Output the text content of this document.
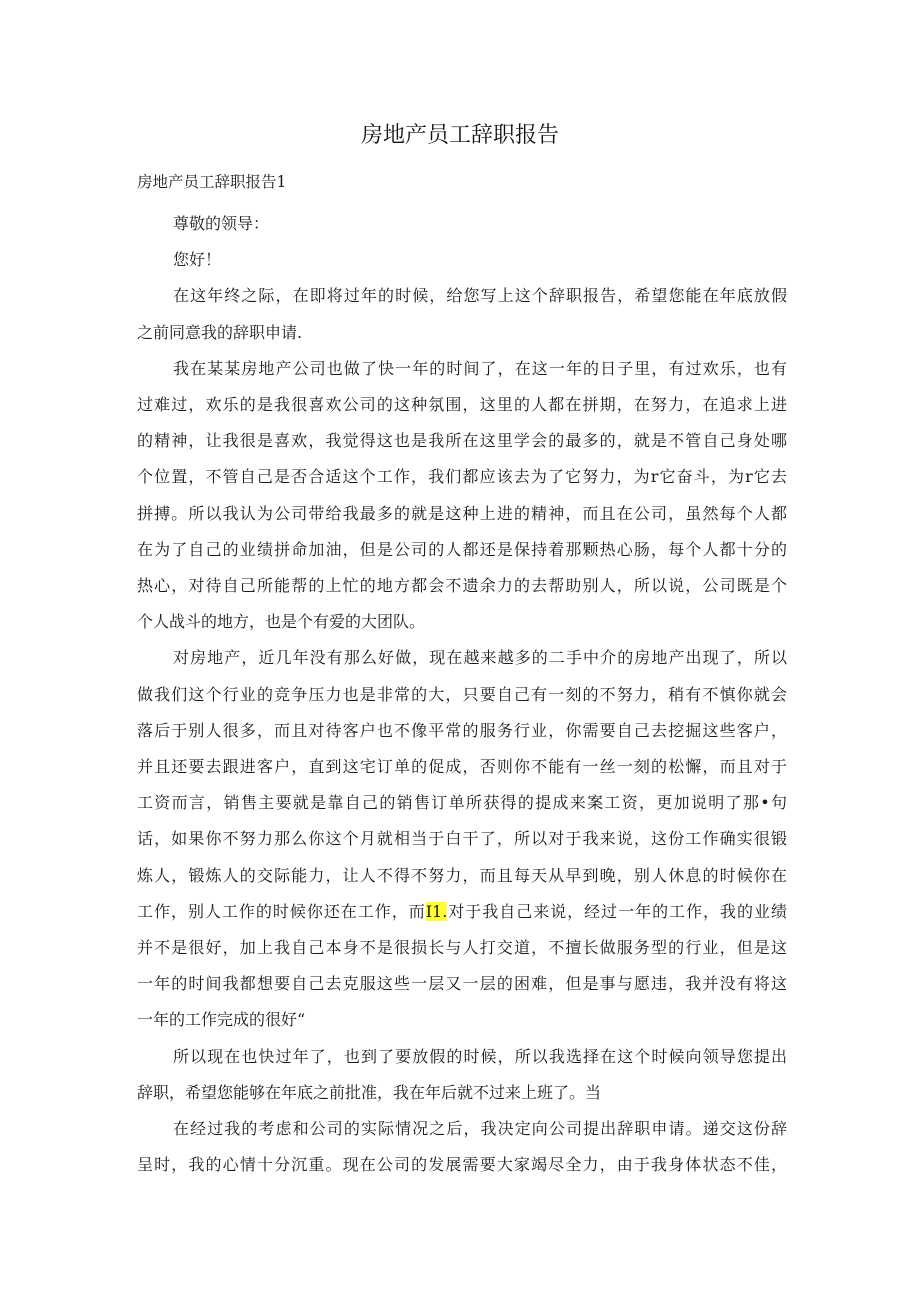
房地产员工辞职报告
房地产员工辞职报告1
尊敬的领导：
您好！
在这年终之际，在即将过年的时候，给您写上这个辞职报告，希望您能在年底放假
之前同意我的辞职申请.
我在某某房地产公司也做了快一年的时间了，在这一年的日子里，有过欢乐，也有
过难过，欢乐的是我很喜欢公司的这种氛围，这里的人都在拼期，在努力，在追求上进
的精神，让我很是喜欢，我觉得这也是我所在这里学会的最多的，就是不管自己身处哪
个位置，不管自己是否合适这个工作，我们都应该去为了它努力，为r它奋斗，为r它去
拼搏。所以我认为公司带给我最多的就是这种上进的精神，而且在公司，虽然每个人都
在为了自己的业绩拼命加油，但是公司的人都还是保持着那颗热心肠，每个人都十分的
热心，对待自己所能帮的上忙的地方都会不遗余力的去帮助别人，所以说，公司既是个
个人战斗的地方，也是个有爱的大团队。
对房地产，近几年没有那么好做，现在越来越多的二手中介的房地产出现了，所以
做我们这个行业的竞争压力也是非常的大，只要自己有一刻的不努力，稍有不慎你就会
落后于别人很多，而且对待客户也不像平常的服务行业，你需要自己去挖掘这些客户，
并且还要去跟进客户，直到这宅订单的促成，否则你不能有一丝一刻的松懈，而且对于
工资而言，销售主要就是靠自己的销售订单所获得的提成来案工资，更加说明了那•句
话，如果你不努力那么你这个月就相当于白干了，所以对于我来说，这份工作确实很锻
炼人，锻炼人的交际能力，让人不得不努力，而且每天从早到晚，别人休息的时候你在
工作，别人工作的时候你还在工作，而I1.对于我自己来说，经过一年的工作，我的业绩
并不是很好，加上我自己本身不是很损长与人打交道，不擅长做服务型的行业，但是这
一年的时间我都想要自己去克服这些一层又一层的困难，但是事与愿违，我并没有将这
一年的工作完成的很好“
所以现在也快过年了，也到了要放假的时候，所以我选择在这个时候向领导您提出
辞职，希望您能够在年底之前批准，我在年后就不过来上班了。当
在经过我的考虑和公司的实际情况之后，我决定向公司提出辞职申请。递交这份辞
呈时，我的心情十分沉重。现在公司的发展需要大家竭尽全力，由于我身体状态不佳，
